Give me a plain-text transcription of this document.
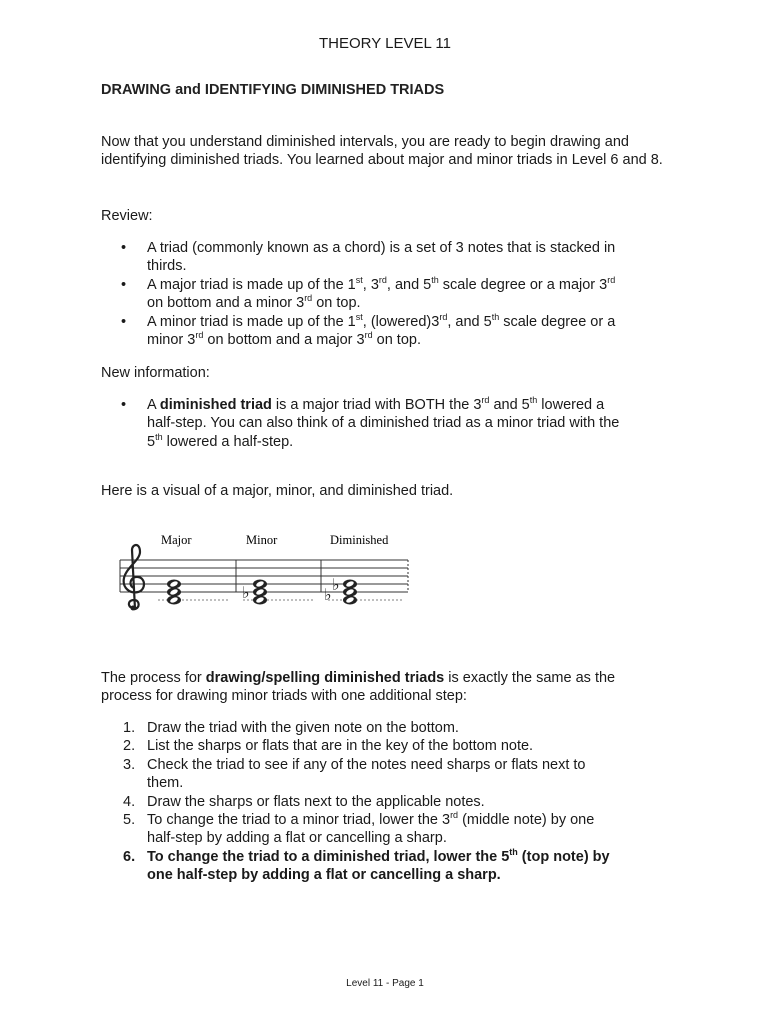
THEORY LEVEL 11
DRAWING and IDENTIFYING DIMINISHED TRIADS
Now that you understand diminished intervals, you are ready to begin drawing and identifying diminished triads. You learned about major and minor triads in Level 6 and 8.
Review:
• A triad (commonly known as a chord) is a set of 3 notes that is stacked in
thirds.
• A major triad is made up of the 1st, 3rd, and 5th scale degree or a major 3rd
on bottom and a minor 3rd on top.
• A minor triad is made up of the 1st, (lowered)3rd, and 5th scale degree or a
minor 3rd on bottom and a major 3rd on top.
New information:
• A diminished triad is a major triad with BOTH the 3rd and 5th lowered a
half-step. You can also think of a diminished triad as a minor triad with the
5th lowered a half-step.
Here is a visual of a major, minor, and diminished triad.
Major	Minor	Diminished
♭	♭
♭
The process for drawing/spelling diminished triads is exactly the same as the
process for drawing minor triads with one additional step:
1. Draw the triad with the given note on the bottom.
2. List the sharps or flats that are in the key of the bottom note.
3. Check the triad to see if any of the notes need sharps or flats next to
them.
4. Draw the sharps or flats next to the applicable notes.
5. To change the triad to a minor triad, lower the 3rd (middle note) by one
half-step by adding a flat or cancelling a sharp.
6. To change the triad to a diminished triad, lower the 5th (top note) by
one half-step by adding a flat or cancelling a sharp.
Level 11 - Page 1
